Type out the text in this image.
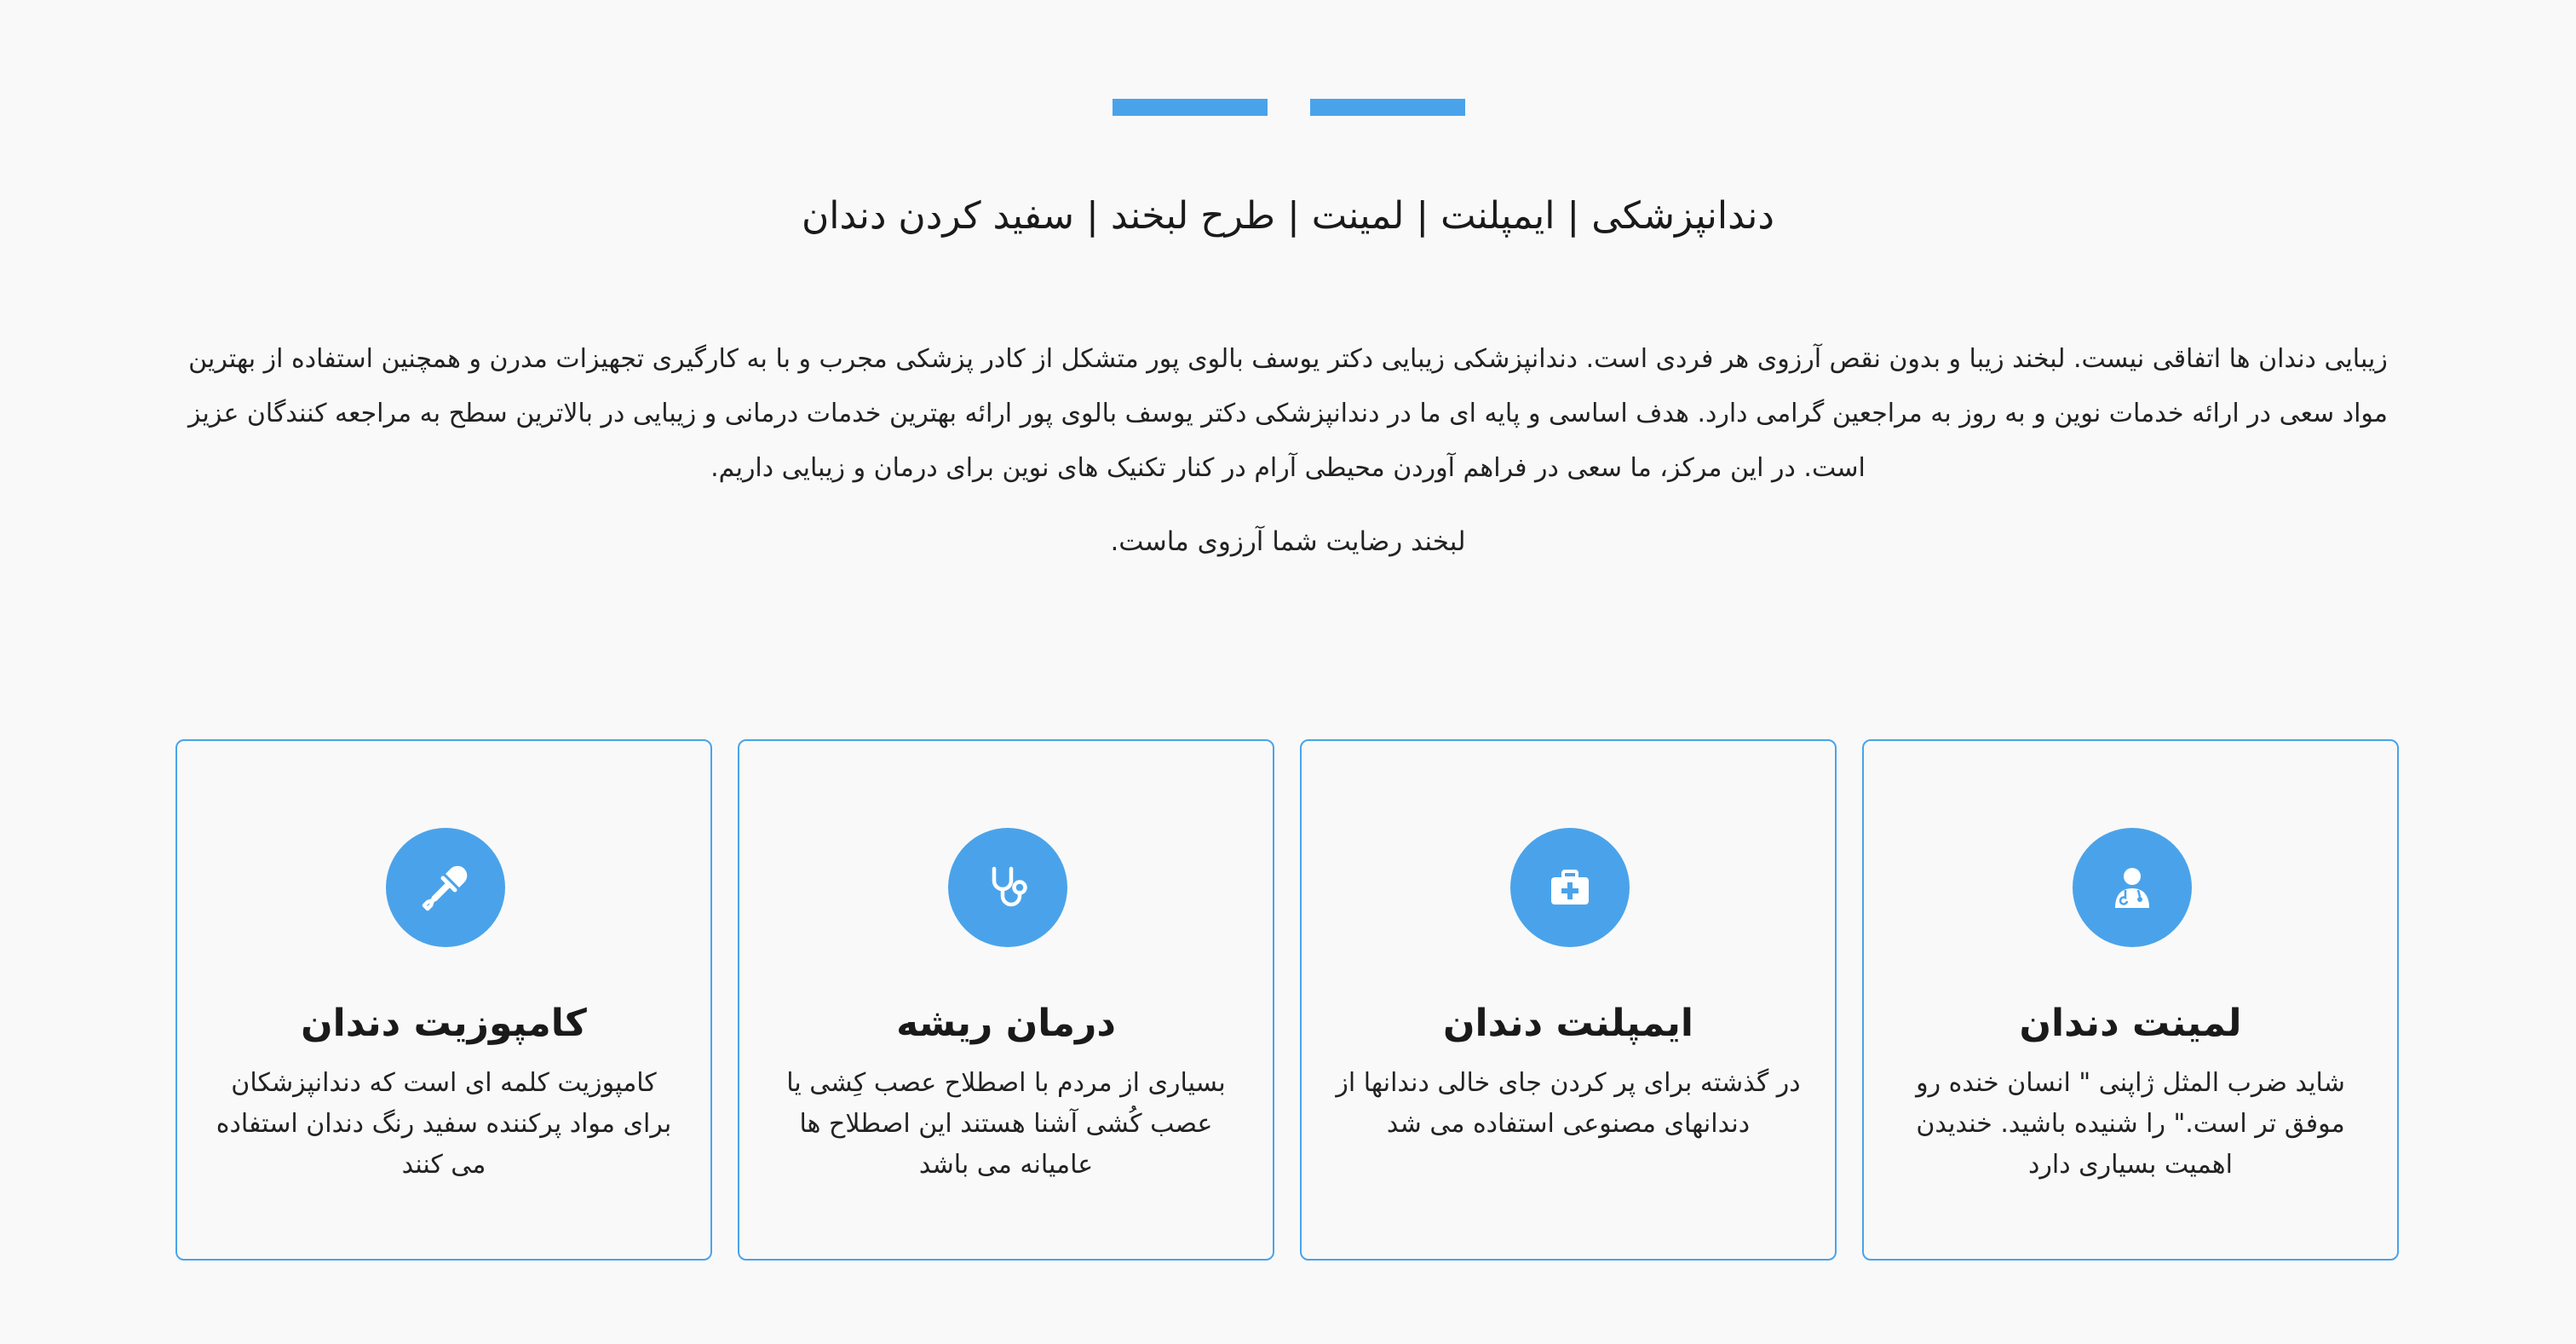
دندانپزشکی | ایمپلنت | لمینت | طرح لبخند | سفید کردن دندان

زیبایی دندان ها اتفاقی نیست. لبخند زیبا و بدون نقص آرزوی هر فردی است. دندانپزشکی زیبایی دکتر یوسف بالوی پور متشکل از کادر پزشکی مجرب و با به کارگیری تجهیزات مدرن و همچنین استفاده از بهترین مواد سعی در ارائه خدمات نوین و به روز به مراجعین گرامی دارد. هدف اساسی و پایه ای ما در دندانپزشکی دکتر یوسف بالوی پور ارائه بهترین خدمات درمانی و زیبایی در بالاترین سطح به مراجعه کنندگان عزیز است. در این مرکز، ما سعی در فراهم آوردن محیطی آرام در کنار تکنیک های نوین برای درمان و زیبایی داریم.

لبخند رضایت شما آرزوی ماست.

لمینت دندان

شاید ضرب المثل ژاپنی " انسان خنده رو موفق تر است." را شنیده باشید. خندیدن اهمیت بسیاری دارد

ایمپلنت دندان

در گذشته برای پر کردن جای خالی دندانها از دندانهای مصنوعی استفاده می شد

درمان ریشه

بسیاری از مردم با اصطلاح عصب کِشی یا عصب کُشی آشنا هستند این اصطلاح ها عامیانه می باشد

کامپوزیت دندان

کامپوزیت کلمه ای است که دندانپزشکان برای مواد پرکننده سفید رنگ دندان استفاده می کنند
